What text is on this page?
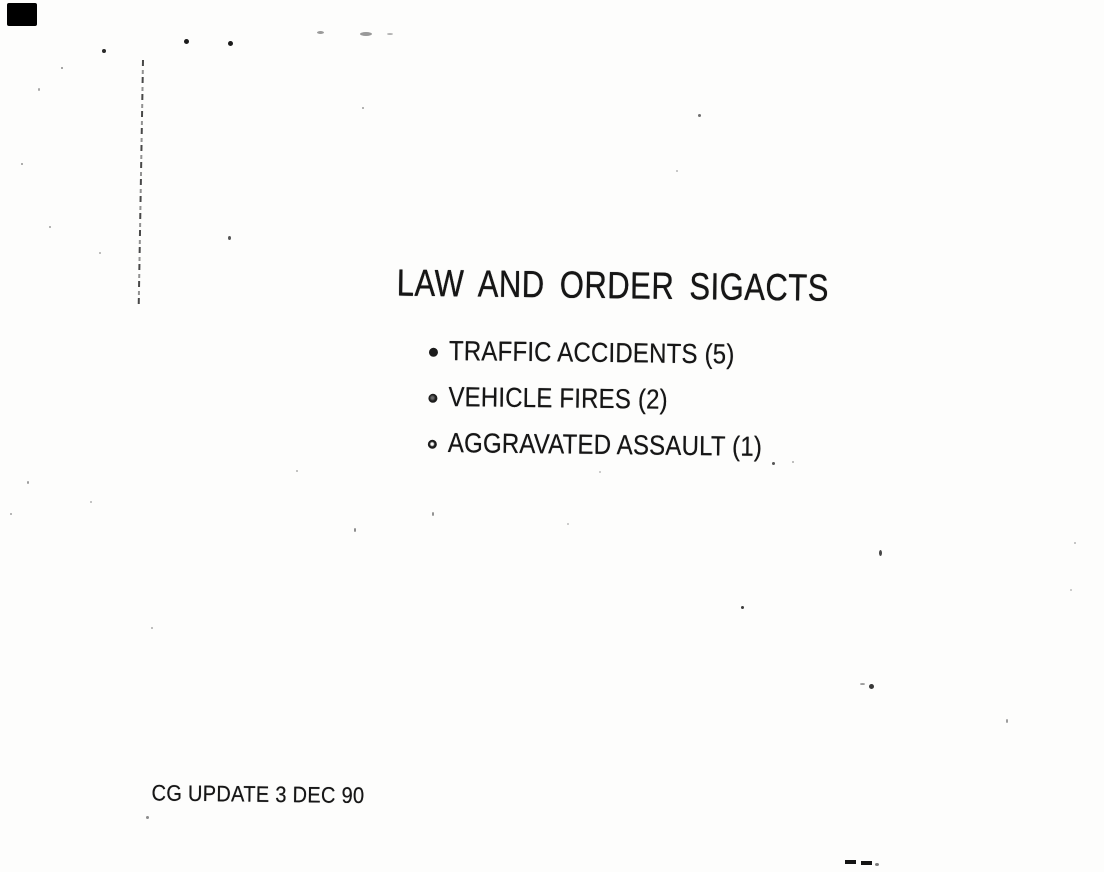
LAW AND ORDER SIGACTS
TRAFFIC ACCIDENTS (5)
VEHICLE FIRES (2)
AGGRAVATED ASSAULT (1)
CG UPDATE 3 DEC 90
